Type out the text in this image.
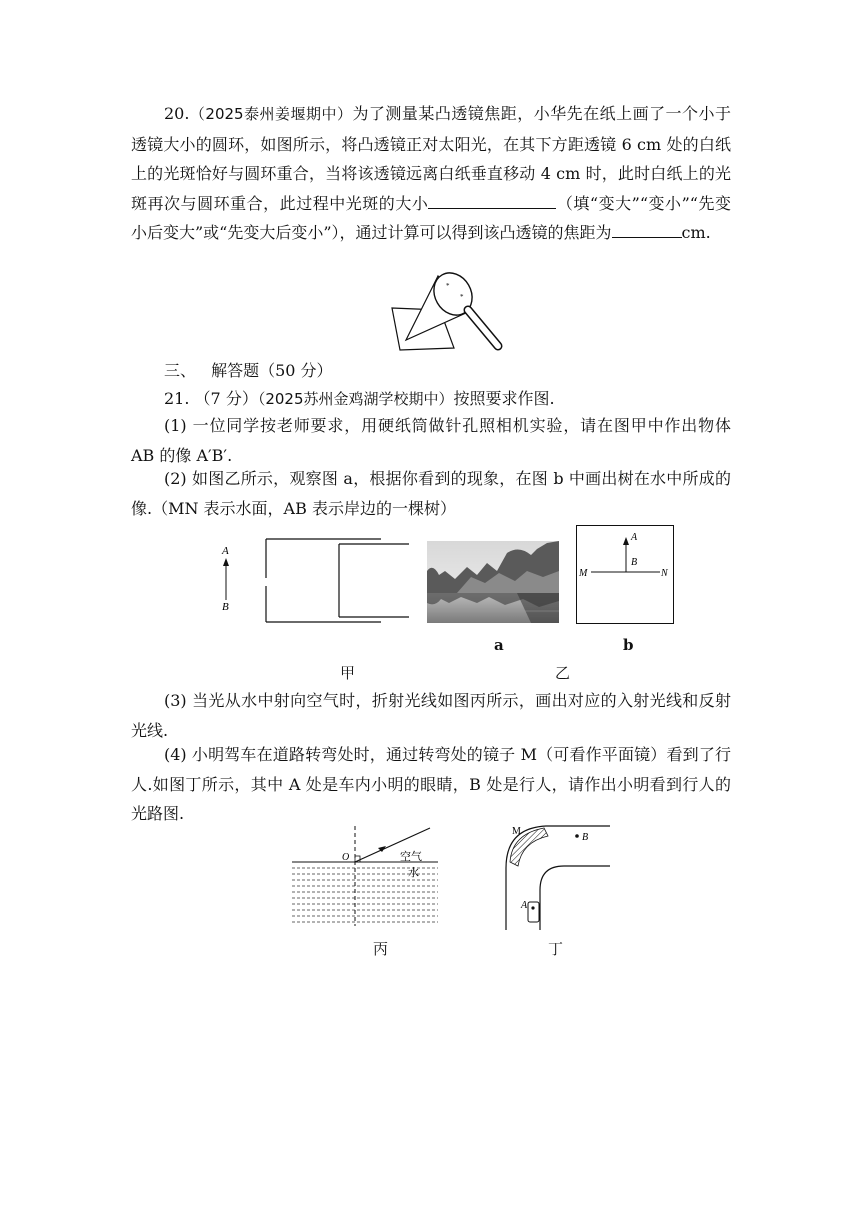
20.（2025泰州姜堰期中）为了测量某凸透镜焦距，小华先在纸上画了一个小于透镜大小的圆环，如图所示，将凸透镜正对太阳光，在其下方距透镜 6 cm 处的白纸上的光斑恰好与圆环重合，当将该透镜远离白纸垂直移动 4 cm 时，此时白纸上的光斑再次与圆环重合，此过程中光斑的大小	（填“变大”“变小”“先变小后变大”或“先变大后变小”），通过计算可以得到该凸透镜的焦距为	cm.
*
*
三、 解答题（50 分）
21. （7 分）（2025苏州金鸡湖学校期中）按照要求作图.
(1) 一位同学按老师要求，用硬纸筒做针孔照相机实验，请在图甲中作出物体 AB 的像 A′B′.
(2) 如图乙所示，观察图 a，根据你看到的现象，在图 b 中画出树在水中所成的像.（MN 表示水面，AB 表示岸边的一棵树）
A
B
A
B
M	N
a	b
甲	乙
(3) 当光从水中射向空气时，折射光线如图丙所示，画出对应的入射光线和反射光线.
(4) 小明驾车在道路转弯处时，通过转弯处的镜子 M（可看作平面镜）看到了行人.如图丁所示，其中 A 处是车内小明的眼睛，B 处是行人，请作出小明看到行人的光路图.
O	空气
水
M
B
A
丙	丁
